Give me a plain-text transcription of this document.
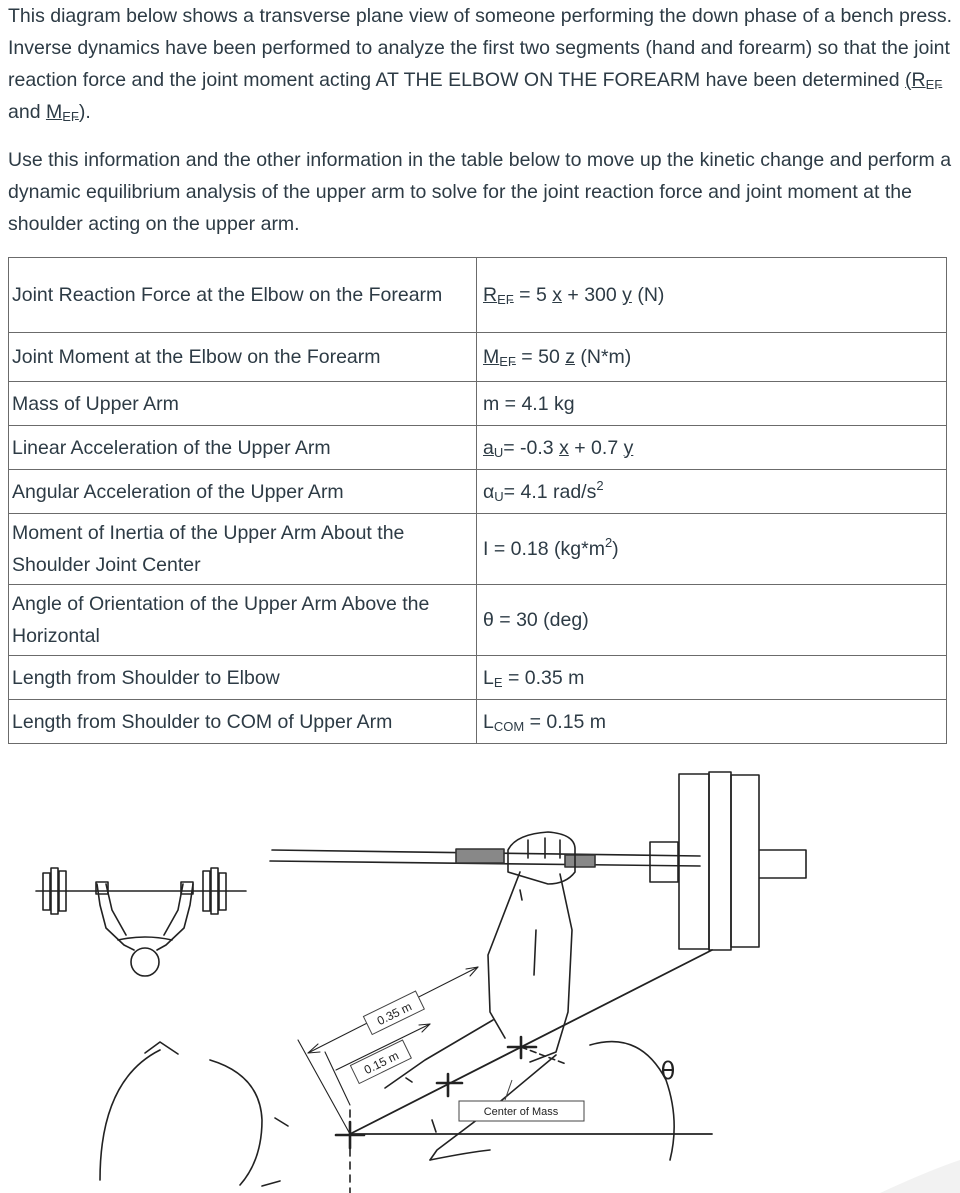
This diagram below shows a transverse plane view of someone performing the down phase of a bench press. Inverse dynamics have been performed to analyze the first two segments (hand and forearm) so that the joint reaction force and the joint moment acting AT THE ELBOW ON THE FOREARM have been determined ($R_{EF}$ and $M_{EF}$).

Use this information and the other information in the table below to move up the kinetic change and perform a dynamic equilibrium analysis of the upper arm to solve for the joint reaction force and joint moment at the shoulder acting on the upper arm.

Joint Reaction Force at the Elbow on the Forearm	$R_{EF} = 5$ x + 300 y (N)
Joint Moment at the Elbow on the Forearm	$M_{EF} = 50$ z (N*m)
Mass of Upper Arm	m = 4.1 kg
Linear Acceleration of the Upper Arm	$a_U= -0.3$ x + 0.7 y
Angular Acceleration of the Upper Arm	$\alpha_U= 4.1$ rad/$s^2$
Moment of Inertia of the Upper Arm About the
Shoulder Joint Center	I = 0.18 $(kg*m^2)$
Angle of Orientation of the Upper Arm Above the
Horizontal	θ = 30 (deg)
Length from Shoulder to Elbow	$L_E = 0.35$ m
Length from Shoulder to COM of Upper Arm	$L_{COM} = 0.15$ m
0.35 m
0.15 m
Center of Mass
θ
